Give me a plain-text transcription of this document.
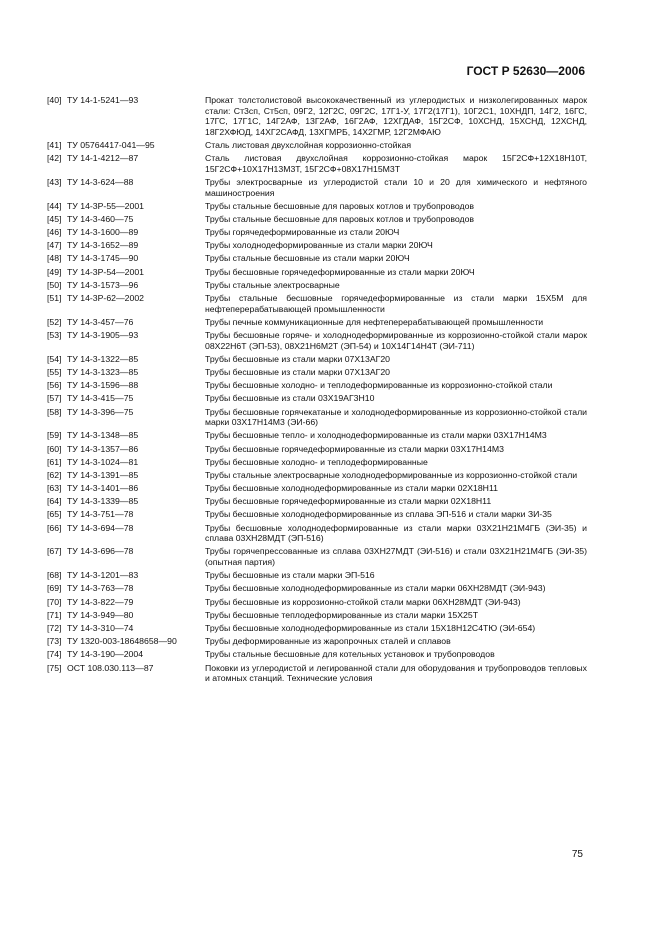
ГОСТ Р 52630—2006
[40] ТУ 14-1-5241—93	Прокат толстолистовой высококачественный из углеродистых и низколегированных марок стали: Ст3сп, Ст5сп, 09Г2, 12Г2С, 09Г2С, 17Г1-У, 17Г2(17Г1), 10Г2С1, 10ХНДП, 14Г2, 16ГС, 17ГС, 17Г1С, 14Г2АФ, 13Г2АФ, 16Г2АФ, 12ХГДАФ, 15Г2СФ, 10ХСНД, 15ХСНД, 12ХСНД, 18Г2ХФЮД, 14ХГ2САФД, 13ХГМРБ, 14Х2ГМР, 12Г2МФАЮ
[41] ТУ 05764417-041—95	Сталь листовая двухслойная коррозионно-стойкая
[42] ТУ 14-1-4212—87	Сталь листовая двухслойная коррозионно-стойкая марок 15Г2СФ+12Х18Н10Т, 15Г2СФ+10Х17Н13М3Т, 15Г2СФ+08Х17Н15М3Т
[43] ТУ 14-3-624—88	Трубы электросварные из углеродистой стали 10 и 20 для химического и нефтяного машиностроения
[44] ТУ 14-3Р-55—2001	Трубы стальные бесшовные для паровых котлов и трубопроводов
[45] ТУ 14-3-460—75	Трубы стальные бесшовные для паровых котлов и трубопроводов
[46] ТУ 14-3-1600—89	Трубы горячедеформированные из стали 20ЮЧ
[47] ТУ 14-3-1652—89	Трубы холоднодеформированные из стали марки 20ЮЧ
[48] ТУ 14-3-1745—90	Трубы стальные бесшовные из стали марки 20ЮЧ
[49] ТУ 14-3Р-54—2001	Трубы бесшовные горячедеформированные из стали марки 20ЮЧ
[50] ТУ 14-3-1573—96	Трубы стальные электросварные
[51] ТУ 14-3Р-62—2002	Трубы стальные бесшовные горячедеформированные из стали марки 15Х5М для нефтеперерабатывающей промышленности
[52] ТУ 14-3-457—76	Трубы печные коммуникационные для нефтеперерабатывающей промышленности
[53] ТУ 14-3-1905—93	Трубы бесшовные горяче- и холоднодеформированные из коррозионно-стойкой стали марок 08Х22Н6Т (ЭП-53), 08Х21Н6М2Т (ЭП-54) и 10Х14Г14Н4Т (ЭИ-711)
[54] ТУ 14-3-1322—85	Трубы бесшовные из стали марки 07Х13АГ20
[55] ТУ 14-3-1323—85	Трубы бесшовные из стали марки 07Х13АГ20
[56] ТУ 14-3-1596—88	Трубы бесшовные холодно- и теплодеформированные из коррозионно-стойкой стали
[57] ТУ 14-3-415—75	Трубы бесшовные из стали 03Х19АГ3Н10
[58] ТУ 14-3-396—75	Трубы бесшовные горячекатаные и холоднодеформированные из коррозионно-стойкой стали марки 03Х17Н14М3 (ЭИ-66)
[59] ТУ 14-3-1348—85	Трубы бесшовные тепло- и холоднодеформированные из стали марки 03Х17Н14М3
[60] ТУ 14-3-1357—86	Трубы бесшовные горячедеформированные из стали марки 03Х17Н14М3
[61] ТУ 14-3-1024—81	Трубы бесшовные холодно- и теплодеформированные
[62] ТУ 14-3-1391—85	Трубы стальные электросварные холоднодеформированные из коррозионно-стойкой стали
[63] ТУ 14-3-1401—86	Трубы бесшовные холоднодеформированные из стали марки 02Х18Н11
[64] ТУ 14-3-1339—85	Трубы бесшовные горячедеформированные из стали марки 02Х18Н11
[65] ТУ 14-3-751—78	Трубы бесшовные холоднодеформированные из сплава ЭП-516 и стали марки ЗИ-35
[66] ТУ 14-3-694—78	Трубы бесшовные холоднодеформированные из стали марки 03Х21Н21М4ГБ (ЭИ-35) и сплава 03ХН28МДТ (ЭП-516)
[67] ТУ 14-3-696—78	Трубы горячепрессованные из сплава 03ХН27МДТ (ЭИ-516) и стали 03Х21Н21М4ГБ (ЭИ-35) (опытная партия)
[68] ТУ 14-3-1201—83	Трубы бесшовные из стали марки ЭП-516
[69] ТУ 14-3-763—78	Трубы бесшовные холоднодеформированные из стали марки 06ХН28МДТ (ЭИ-943)
[70] ТУ 14-3-822—79	Трубы бесшовные из коррозионно-стойкой стали марки 06ХН28МДТ (ЭИ-943)
[71] ТУ 14-3-949—80	Трубы бесшовные теплодеформированные из стали марки 15Х25Т
[72] ТУ 14-3-310—74	Трубы бесшовные холоднодеформированные из стали 15Х18Н12С4ТЮ (ЭИ-654)
[73] ТУ 1320-003-18648658—90	Трубы деформированные из жаропрочных сталей и сплавов
[74] ТУ 14-3-190—2004	Трубы стальные бесшовные для котельных установок и трубопроводов
[75] ОСТ 108.030.113—87	Поковки из углеродистой и легированной стали для оборудования и трубопроводов тепловых и атомных станций. Технические условия
75
